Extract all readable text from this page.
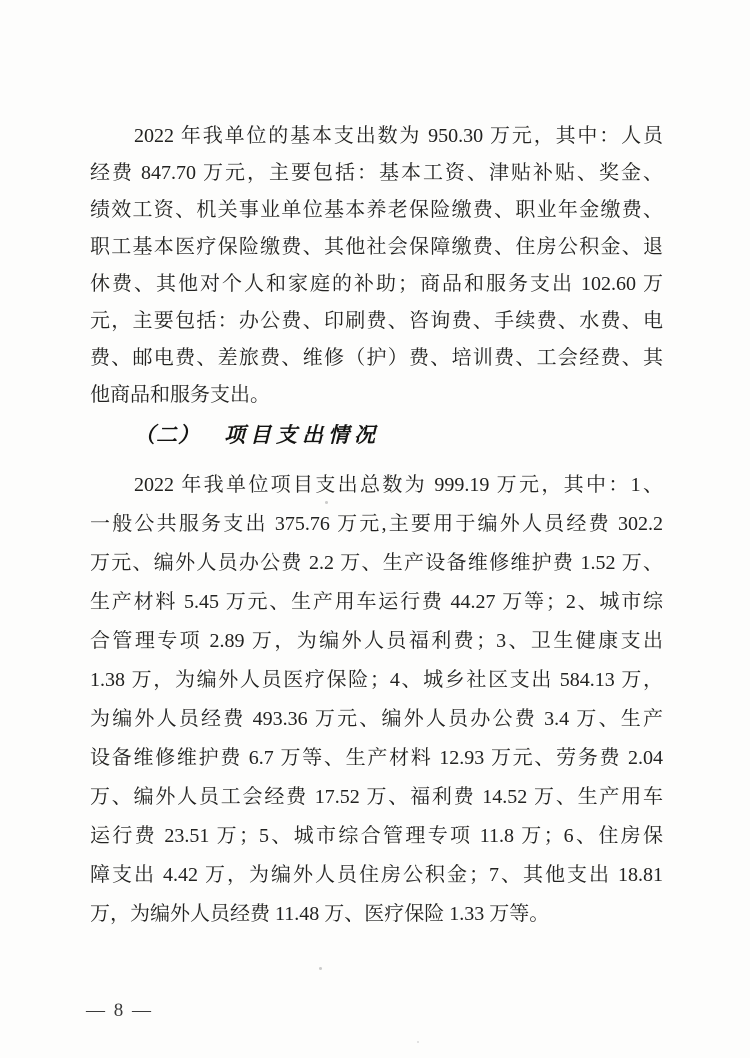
2022 年我单位的基本支出数为 950.30 万元，其中：人员

经费 847.70 万元，主要包括：基本工资、津贴补贴、奖金、

绩效工资、机关事业单位基本养老保险缴费、职业年金缴费、

职工基本医疗保险缴费、其他社会保障缴费、住房公积金、退

休费、其他对个人和家庭的补助；商品和服务支出 102.60 万

元，主要包括：办公费、印刷费、咨询费、手续费、水费、电

费、邮电费、差旅费、维修（护）费、培训费、工会经费、其

他商品和服务支出。

（二） 项目支出情况

2022 年我单位项目支出总数为 999.19 万元，其中：1、

一般公共服务支出 375.76 万元,主要用于编外人员经费 302.2

万元、编外人员办公费 2.2 万、生产设备维修维护费 1.52 万、

生产材料 5.45 万元、生产用车运行费 44.27 万等；2、城市综

合管理专项 2.89 万，为编外人员福利费；3、卫生健康支出

1.38 万，为编外人员医疗保险；4、城乡社区支出 584.13 万，

为编外人员经费 493.36 万元、编外人员办公费 3.4 万、生产

设备维修维护费 6.7 万等、生产材料 12.93 万元、劳务费 2.04

万、编外人员工会经费 17.52 万、福利费 14.52 万、生产用车

运行费 23.51 万；5、城市综合管理专项 11.8 万；6、住房保

障支出 4.42 万，为编外人员住房公积金；7、其他支出 18.81

万，为编外人员经费 11.48 万、医疗保险 1.33 万等。

— 8 —
